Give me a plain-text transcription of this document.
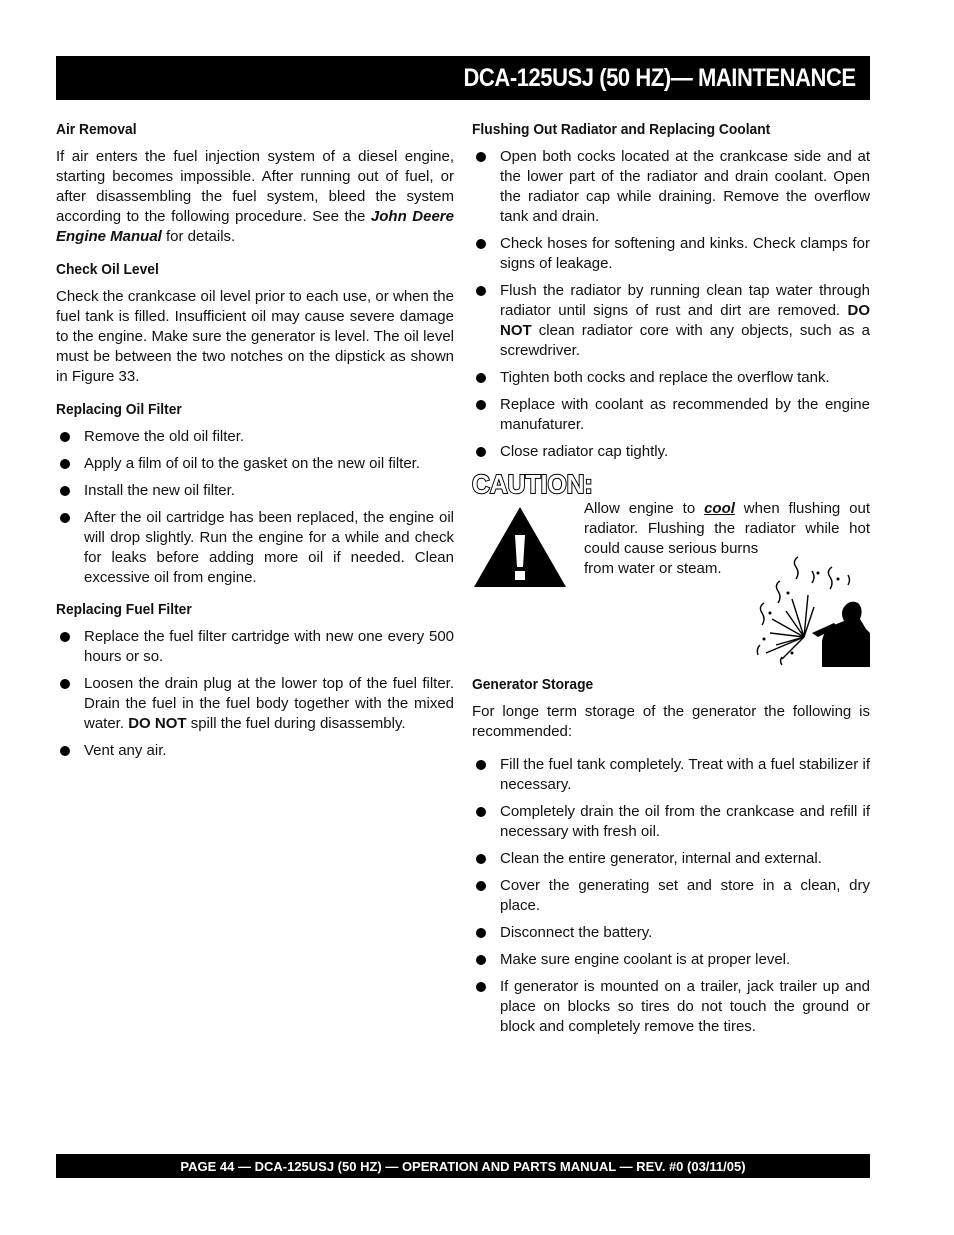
DCA-125USJ (50 HZ)— MAINTENANCE
Air Removal

If air enters the fuel injection system of a diesel engine, starting becomes impossible. After running out of fuel, or after disassembling the fuel system, bleed the system according to the following procedure. See the John Deere Engine Manual for details.

Check Oil Level

Check the crankcase oil level prior to each use, or when the fuel tank is filled. Insufficient oil may cause severe damage to the engine. Make sure the generator is level. The oil level must be between the two notches on the dipstick as shown in Figure 33.

Replacing Oil Filter
Remove the old oil filter.
Apply a film of oil to the gasket on the new oil filter.
Install the new oil filter.
After the oil cartridge has been replaced, the engine oil will drop slightly. Run the engine for a while and check for leaks before adding more oil if needed. Clean excessive oil from engine.
Replacing Fuel Filter
Replace the fuel filter cartridge with new one every 500 hours or so.
Loosen the drain plug at the lower top of the fuel filter. Drain the fuel in the fuel body together with the mixed water. DO NOT spill the fuel during disassembly.
Vent any air.
Flushing Out Radiator and Replacing Coolant
Open both cocks located at the crankcase side and at the lower part of the radiator and drain coolant. Open the radiator cap while draining. Remove the overflow tank and drain.
Check hoses for softening and kinks. Check clamps for signs of leakage.
Flush the radiator by running clean tap water through radiator until signs of rust and dirt are removed. DO NOT clean radiator core with any objects, such as a screwdriver.
Tighten both cocks and replace the overflow tank.
Replace with coolant as recommended by the engine manufaturer.
Close radiator cap tightly.
CAUTION:
Allow engine to cool when flushing out radiator. Flushing the radiator while hot could cause serious burns
from water or steam.
Generator Storage

For longe term storage of the generator the following is recommended:

Fill the fuel tank completely. Treat with a fuel stabilizer if necessary.
Completely drain the oil from the crankcase and refill if necessary with fresh oil.
Clean the entire generator, internal and external.
Cover the generating set and store in a clean, dry place.
Disconnect the battery.
Make sure engine coolant is at proper level.
If generator is mounted on a trailer, jack trailer up and place on blocks so tires do not touch the ground or block and completely remove the tires.
PAGE 44 — DCA-125USJ (50 HZ) — OPERATION AND PARTS MANUAL — REV. #0 (03/11/05)
